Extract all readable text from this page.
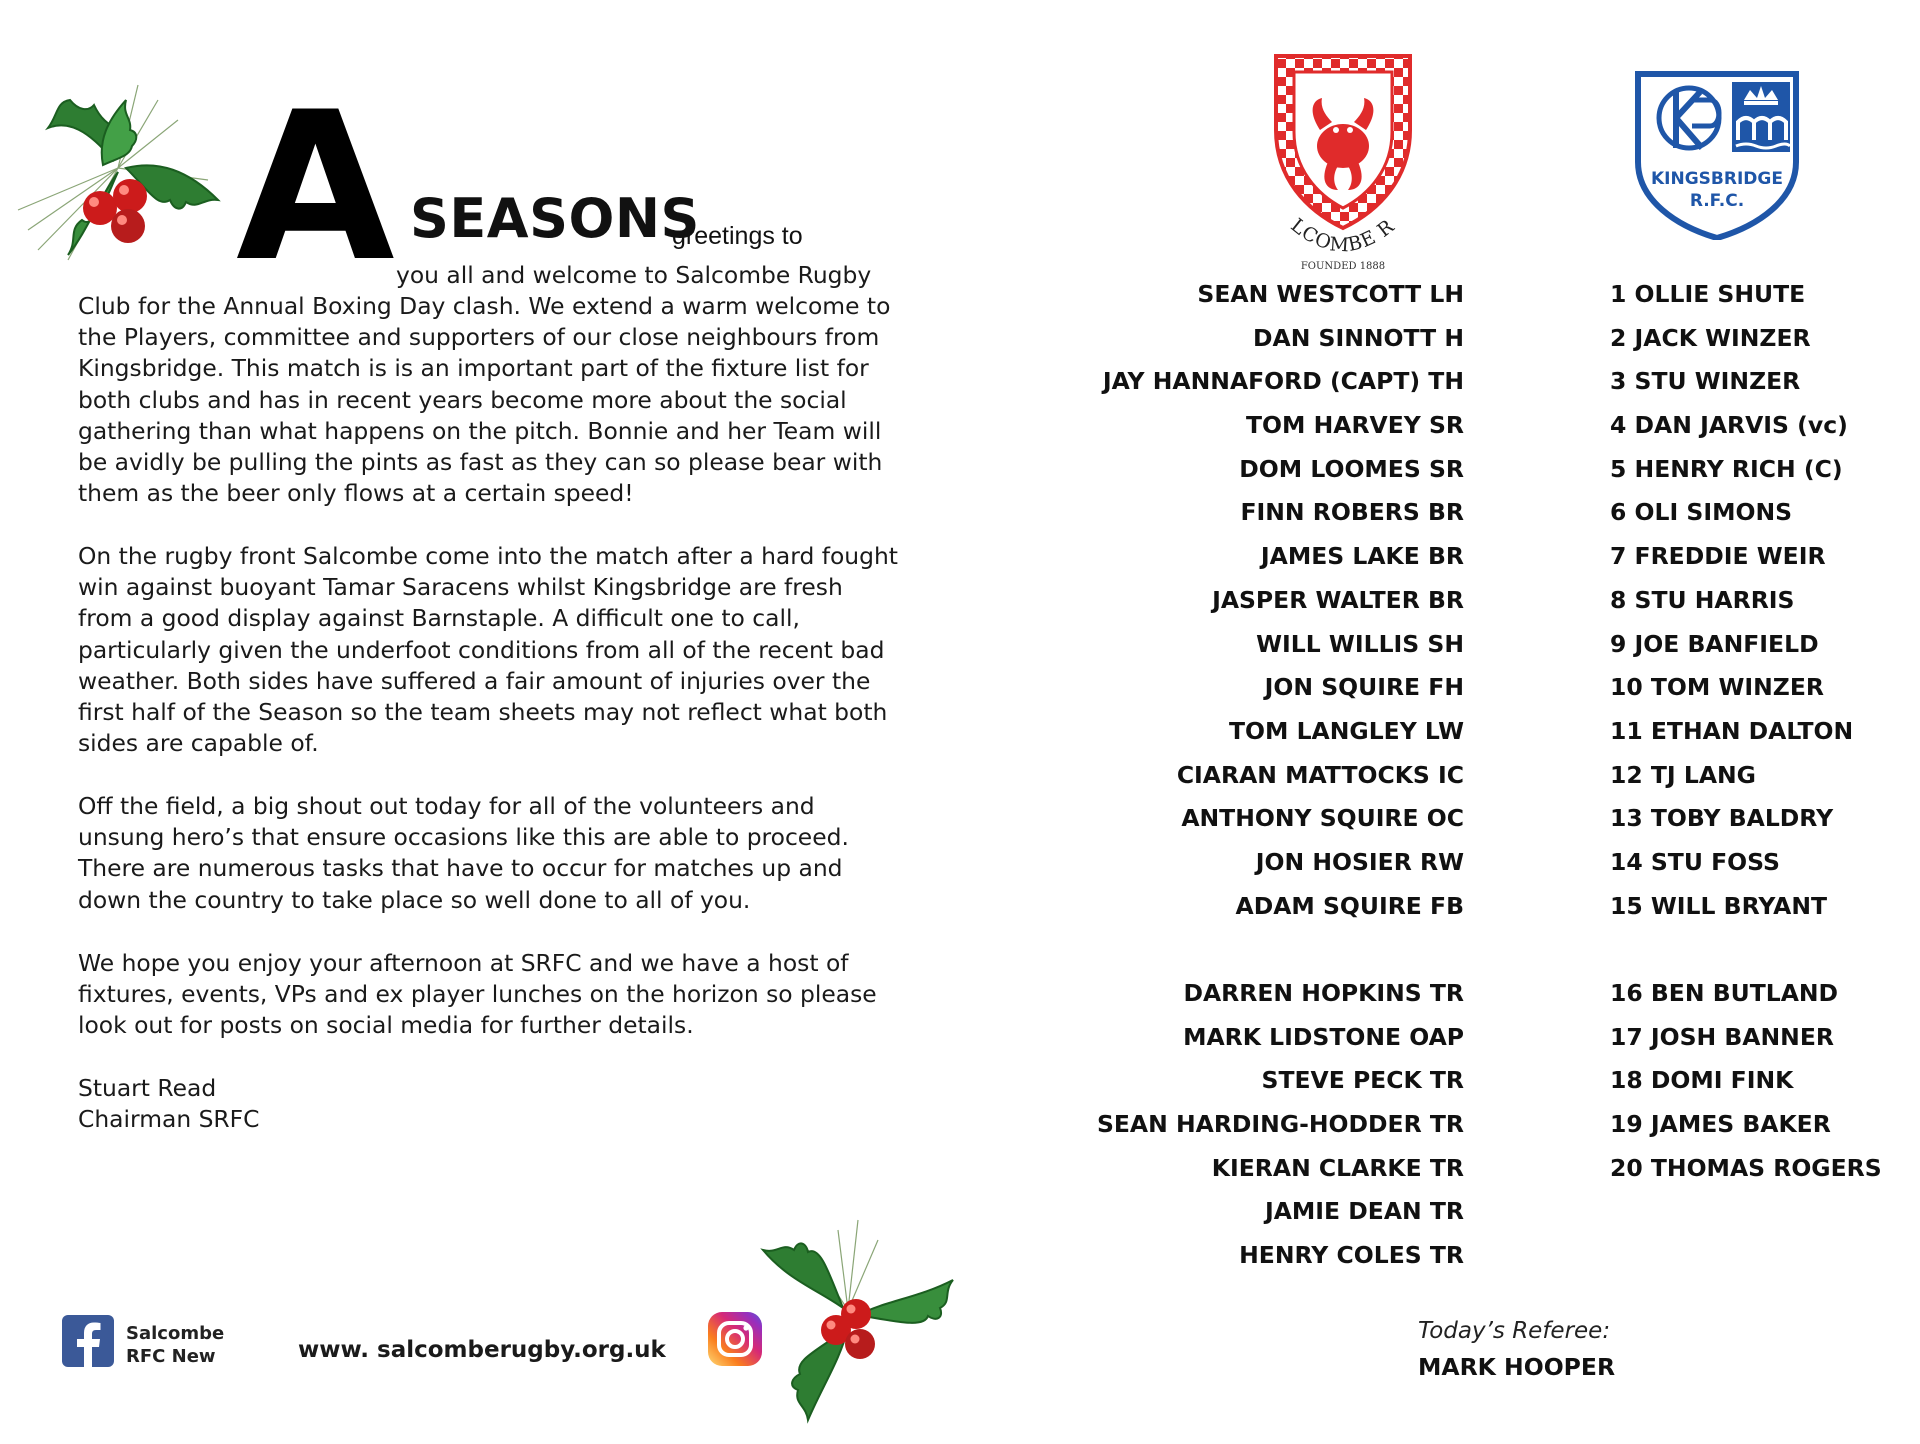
A SEASONS
greetings to
you all and welcome to Salcombe Rugby
Club for the Annual Boxing Day clash. We extend a warm welcome to
the Players, committee and supporters of our close neighbours from
Kingsbridge. This match is is an important part of the fixture list for
both clubs and has in recent years become more about the social
gathering than what happens on the pitch. Bonnie and her Team will
be avidly be pulling the pints as fast as they can so please bear with
them as the beer only flows at a certain speed!
On the rugby front Salcombe come into the match after a hard fought
win against buoyant Tamar Saracens whilst Kingsbridge are fresh
from a good display against Barnstaple. A difficult one to call,
particularly given the underfoot conditions from all of the recent bad
weather. Both sides have suffered a fair amount of injuries over the
first half of the Season so the team sheets may not reflect what both
sides are capable of.
Off the field, a big shout out today for all of the volunteers and
unsung hero’s that ensure occasions like this are able to proceed.
There are numerous tasks that have to occur for matches up and
down the country to take place so well done to all of you.
We hope you enjoy your afternoon at SRFC and we have a host of
fixtures, events, VPs and ex player lunches on the horizon so please
look out for posts on social media for further details.
Stuart Read
Chairman SRFC
Salcombe
RFC New	www. salcomberugby.org.uk
LCOMBE R
FOUNDED 1888
KINGSBRIDGE
R.F.C.
SEAN WESTCOTT LH
DAN SINNOTT H
JAY HANNAFORD (CAPT) TH
TOM HARVEY SR
DOM LOOMES SR
FINN ROBERS BR
JAMES LAKE BR
JASPER WALTER BR
WILL WILLIS SH
JON SQUIRE FH
TOM LANGLEY LW
CIARAN MATTOCKS IC
ANTHONY SQUIRE OC
JON HOSIER RW
ADAM SQUIRE FB
DARREN HOPKINS TR
MARK LIDSTONE OAP
STEVE PECK TR
SEAN HARDING-HODDER TR
KIERAN CLARKE TR
JAMIE DEAN TR
HENRY COLES TR
1 OLLIE SHUTE
2 JACK WINZER
3 STU WINZER
4 DAN JARVIS (vc)
5 HENRY RICH (C)
6 OLI SIMONS
7 FREDDIE WEIR
8 STU HARRIS
9 JOE BANFIELD
10 TOM WINZER
11 ETHAN DALTON
12 TJ LANG
13 TOBY BALDRY
14 STU FOSS
15 WILL BRYANT
16 BEN BUTLAND
17 JOSH BANNER
18 DOMI FINK
19 JAMES BAKER
20 THOMAS ROGERS
Today’s Referee:
MARK HOOPER
